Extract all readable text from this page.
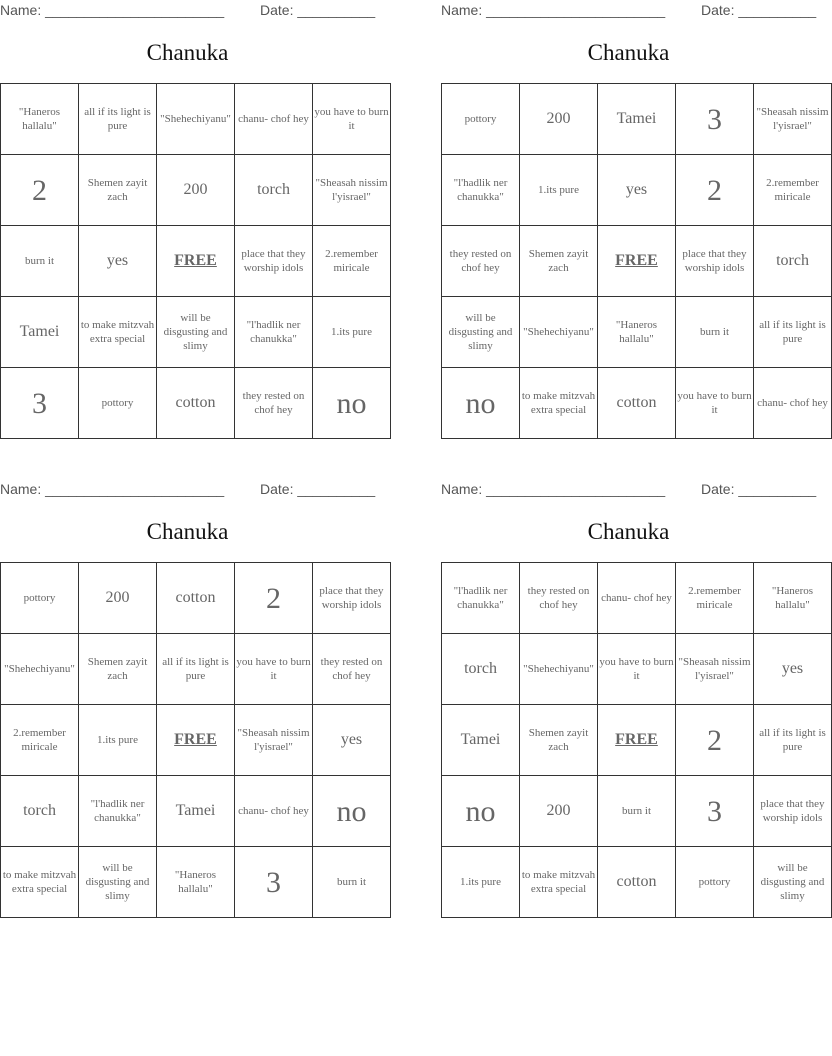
Name: _______________________	Date: __________
Chanuka
"Haneros hallalu"	all if its light is pure	"Shehechiyanu"	chanu- chof hey	you have to burn it
2	Shemen zayit zach	200	torch	"Sheasah nissim l'yisrael"
burn it	yes	FREE	place that they worship idols	2.remember miricale
Tamei	to make mitzvah extra special	will be disgusting and slimy	"l'hadlik ner chanukka"	1.its pure
3	pottory	cotton	they rested on chof hey	no
Name: _______________________	Date: __________
Chanuka
pottory	200	Tamei	3	"Sheasah nissim l'yisrael"
"l'hadlik ner chanukka"	1.its pure	yes	2	2.remember miricale
they rested on chof hey	Shemen zayit zach	FREE	place that they worship idols	torch
will be disgusting and slimy	"Shehechiyanu"	"Haneros hallalu"	burn it	all if its light is pure
no	to make mitzvah extra special	cotton	you have to burn it	chanu- chof hey
Name: _______________________	Date: __________
Chanuka
pottory	200	cotton	2	place that they worship idols
"Shehechiyanu"	Shemen zayit zach	all if its light is pure	you have to burn it	they rested on chof hey
2.remember miricale	1.its pure	FREE	"Sheasah nissim l'yisrael"	yes
torch	"l'hadlik ner chanukka"	Tamei	chanu- chof hey	no
to make mitzvah extra special	will be disgusting and slimy	"Haneros hallalu"	3	burn it
Name: _______________________	Date: __________
Chanuka
"l'hadlik ner chanukka"	they rested on chof hey	chanu- chof hey	2.remember miricale	"Haneros hallalu"
torch	"Shehechiyanu"	you have to burn it	"Sheasah nissim l'yisrael"	yes
Tamei	Shemen zayit zach	FREE	2	all if its light is pure
no	200	burn it	3	place that they worship idols
1.its pure	to make mitzvah extra special	cotton	pottory	will be disgusting and slimy
